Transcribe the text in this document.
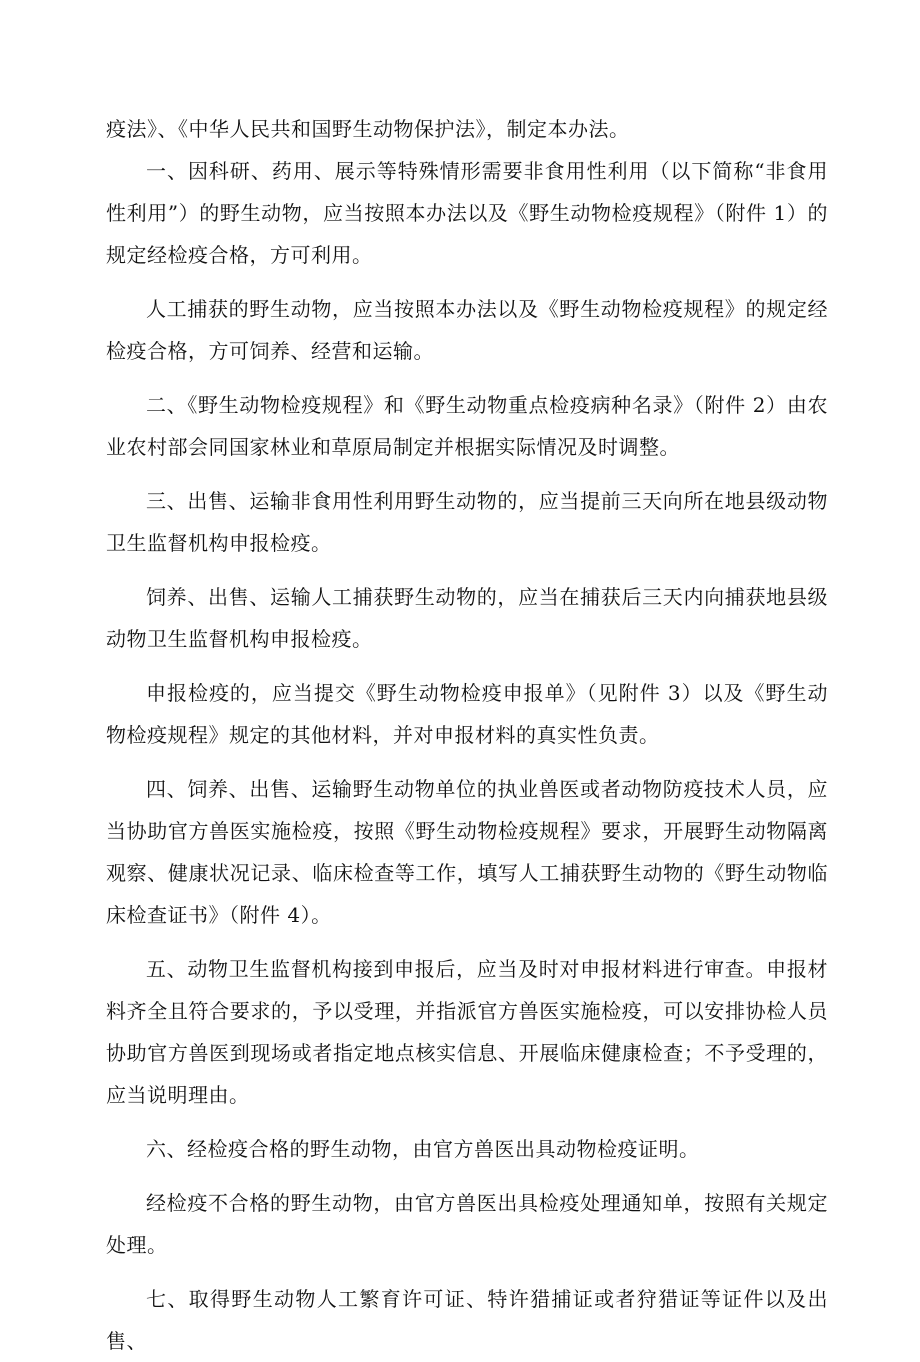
疫法》、《中华人民共和国野生动物保护法》，制定本办法。

一、因科研、药用、展示等特殊情形需要非食用性利用（以下简称“非食用性利用”）的野生动物，应当按照本办法以及《野生动物检疫规程》（附件 1）的规定经检疫合格，方可利用。

人工捕获的野生动物，应当按照本办法以及《野生动物检疫规程》的规定经检疫合格，方可饲养、经营和运输。

二、《野生动物检疫规程》和《野生动物重点检疫病种名录》（附件 2）由农业农村部会同国家林业和草原局制定并根据实际情况及时调整。

三、出售、运输非食用性利用野生动物的，应当提前三天向所在地县级动物卫生监督机构申报检疫。

饲养、出售、运输人工捕获野生动物的，应当在捕获后三天内向捕获地县级动物卫生监督机构申报检疫。

申报检疫的，应当提交《野生动物检疫申报单》（见附件 3）以及《野生动物检疫规程》规定的其他材料，并对申报材料的真实性负责。

四、饲养、出售、运输野生动物单位的执业兽医或者动物防疫技术人员，应当协助官方兽医实施检疫，按照《野生动物检疫规程》要求，开展野生动物隔离观察、健康状况记录、临床检查等工作，填写人工捕获野生动物的《野生动物临床检查证书》（附件 4）。

五、动物卫生监督机构接到申报后，应当及时对申报材料进行审查。申报材料齐全且符合要求的，予以受理，并指派官方兽医实施检疫，可以安排协检人员协助官方兽医到现场或者指定地点核实信息、开展临床健康检查；不予受理的，应当说明理由。

六、经检疫合格的野生动物，由官方兽医出具动物检疫证明。

经检疫不合格的野生动物，由官方兽医出具检疫处理通知单，按照有关规定处理。

七、取得野生动物人工繁育许可证、特许猎捕证或者狩猎证等证件以及出售、
